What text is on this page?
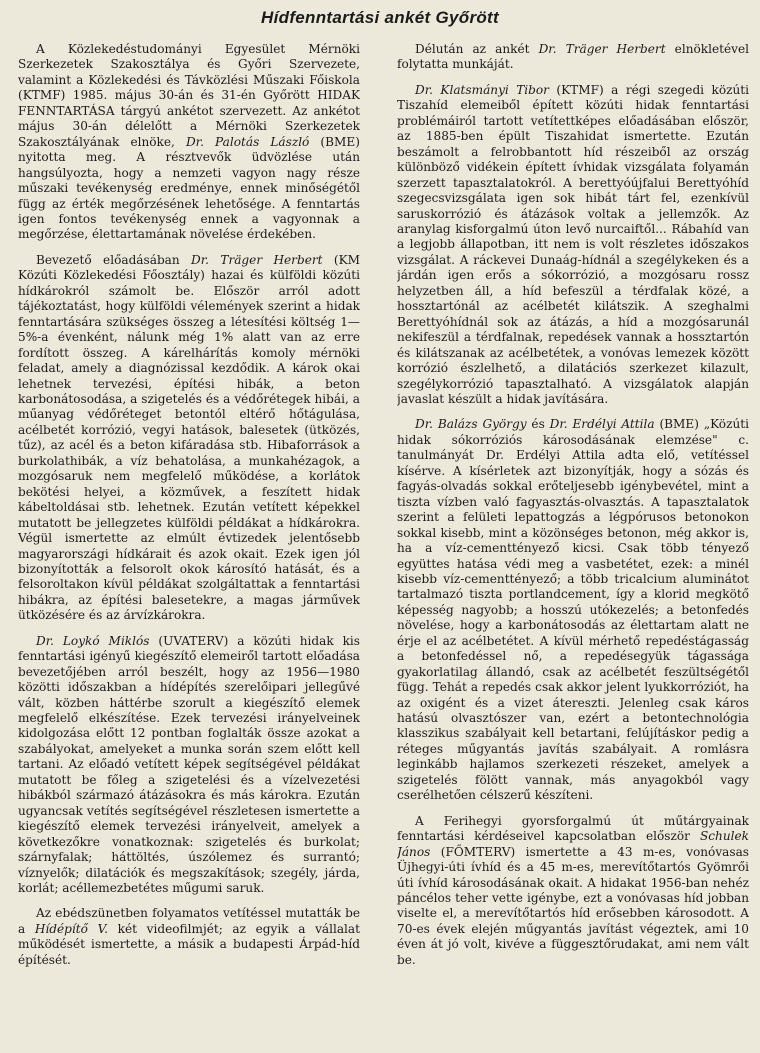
Hídfenntartási ankét Győrött

A Közlekedéstudományi Egyesület Mérnöki Szerkezetek Szakosztálya és Győri Szervezete, valamint a Közlekedési és Távközlési Műszaki Főiskola (KTMF) 1985. május 30-án és 31-én Győrött HIDAK FENNTARTÁSA tárgyú ankétot szervezett. Az ankétot május 30-án délelőtt a Mérnöki Szerkezetek Szakosztályának elnöke, Dr. Palotás László (BME) nyitotta meg. A résztvevők üdvözlése után hangsúlyozta, hogy a nemzeti vagyon nagy része műszaki tevékenység eredménye, ennek minőségétől függ az érték megőrzésének lehetősége. A fenntartás igen fontos tevékenység ennek a vagyonnak a megőrzése, élettartamának növelése érdekében.

Bevezető előadásában Dr. Träger Herbert (KM Közúti Közlekedési Főosztály) hazai és külföldi közúti hídkárokról számolt be. Először arról adott tájékoztatást, hogy külföldi vélemények szerint a hidak fenntartására szükséges összeg a létesítési költség 1—5%-a évenként, nálunk még 1% alatt van az erre fordított összeg. A kárelhárítás komoly mérnöki feladat, amely a diagnózissal kezdődik. A károk okai lehetnek tervezési, építési hibák, a beton karbonátosodása, a szigetelés és a védőrétegek hibái, a műanyag védőréteget betontól eltérő hőtágulása, acélbetét korrózió, vegyi hatások, balesetek (ütközés, tűz), az acél és a beton kifáradása stb. Hibaforrások a burkolathibák, a víz behatolása, a munkahézagok, a mozgósaruk nem megfelelő működése, a korlátok bekötési helyei, a közművek, a feszített hidak kábeltoldásai stb. lehetnek. Ezután vetített képekkel mutatott be jellegzetes külföldi példákat a hídkárokra. Végül ismertette az elmúlt évtizedek jelentősebb magyarországi hídkárait és azok okait. Ezek igen jól bizonyították a felsorolt okok károsító hatását, és a felsoroltakon kívül példákat szolgáltattak a fenntartási hibákra, az építési balesetekre, a magas járművek ütközésére és az árvízkárokra.

Dr. Loykó Miklós (UVATERV) a közúti hidak kis fenntartási igényű kiegészítő elemeiről tartott előadása bevezetőjében arról beszélt, hogy az 1956—1980 közötti időszakban a hídépítés szerelőipari jellegűvé vált, közben háttérbe szorult a kiegészítő elemek megfelelő elkészítése. Ezek tervezési irányelveinek kidolgozása előtt 12 pontban foglalták össze azokat a szabályokat, amelyeket a munka során szem előtt kell tartani. Az előadó vetített képek segítségével példákat mutatott be főleg a szigetelési és a vízelvezetési hibákból származó átázásokra és más károkra. Ezután ugyancsak vetítés segítségével részletesen ismertette a kiegészítő elemek tervezési irányelveit, amelyek a következőkre vonatkoznak: szigetelés és burkolat; szárnyfalak; háttöltés, úszólemez és surrantó; víznyelők; dilatációk és megszakítások; szegély, járda, korlát; acéllemezbetétes műgumi saruk.

Az ebédszünetben folyamatos vetítéssel mutatták be a Hídépítő V. két videofilmjét; az egyik a vállalat működését ismertette, a másik a budapesti Árpád-híd építését.

Délután az ankét Dr. Träger Herbert elnökletével folytatta munkáját.

Dr. Klatsmányi Tibor (KTMF) a régi szegedi közúti Tiszahíd elemeiből épített közúti hidak fenntartási problémáiról tartott vetítettképes előadásában először, az 1885-ben épült Tiszahidat ismertette. Ezután beszámolt a felrobbantott híd részeiből az ország különböző vidékein épített ívhidak vizsgálata folyamán szerzett tapasztalatokról. A berettyóújfalui Berettyóhíd szegecsvizsgálata igen sok hibát tárt fel, ezenkívül saruskorrózió és átázások voltak a jellemzők. Az aranylag kisforgalmú úton levő nurcaiftől... Rábahíd van a legjobb állapotban, itt nem is volt részletes időszakos vizsgálat. A ráckevei Dunaág-hídnál a szegélykeken és a járdán igen erős a sókorrózió, a mozgósaru rossz helyzetben áll, a híd befeszül a térdfalak közé, a hossztartónál az acélbetét kilátszik. A szeghalmi Berettyóhídnál sok az átázás, a híd a mozgósarunál nekifeszül a térdfalnak, repedések vannak a hossztartón és kilátszanak az acélbetétek, a vonóvas lemezek között korrózió észlelhető, a dilatációs szerkezet kilazult, szegélykorrózió tapasztalható. A vizsgálatok alapján javaslat készült a hidak javítására.

Dr. Balázs György és Dr. Erdélyi Attila (BME) „Közúti hidak sókorróziós károsodásának elemzése" c. tanulmányát Dr. Erdélyi Attila adta elő, vetítéssel kísérve. A kísérletek azt bizonyítják, hogy a sózás és fagyás-olvadás sokkal erőteljesebb igénybevétel, mint a tiszta vízben való fagyasztás-olvasztás. A tapasztalatok szerint a felületi lepattogzás a légpórusos betonokon sokkal kisebb, mint a közönséges betonon, még akkor is, ha a víz-cementtényező kicsi. Csak több tényező együttes hatása védi meg a vasbetétet, ezek: a minél kisebb víz-cementtényező; a több tricalcium aluminátot tartalmazó tiszta portlandcement, így a klorid megkötő képesség nagyobb; a hosszú utókezelés; a betonfedés növelése, hogy a karbonátosodás az élettartam alatt ne érje el az acélbetétet. A kívül mérhető repedéstágasság a betonfedéssel nő, a repedésegyük tágassága gyakorlatilag állandó, csak az acélbetét feszültségétől függ. Tehát a repedés csak akkor jelent lyukkorróziót, ha az oxigént és a vizet átereszti. Jelenleg csak káros hatású olvasztószer van, ezért a betontechnológia klasszikus szabályait kell betartani, felújításkor pedig a réteges műgyantás javítás szabályait. A romlásra leginkább hajlamos szerkezeti részeket, amelyek a szigetelés fölött vannak, más anyagokból vagy cserélhetően célszerű készíteni.

A Ferihegyi gyorsforgalmú út műtárgyainak fenntartási kérdéseivel kapcsolatban először Schulek János (FŐMTERV) ismertette a 43 m-es, vonóvasas Üjhegyi-úti ívhíd és a 45 m-es, merevítőtartós Gyömrői úti ívhíd károsodásának okait. A hidakat 1956-ban nehéz páncélos teher vette igénybe, ezt a vonóvasas híd jobban viselte el, a merevítőtartós híd erősebben károsodott. A 70-es évek elején műgyantás javítást végeztek, ami 10 éven át jó volt, kivéve a függesztőrudakat, ami nem vált be.
